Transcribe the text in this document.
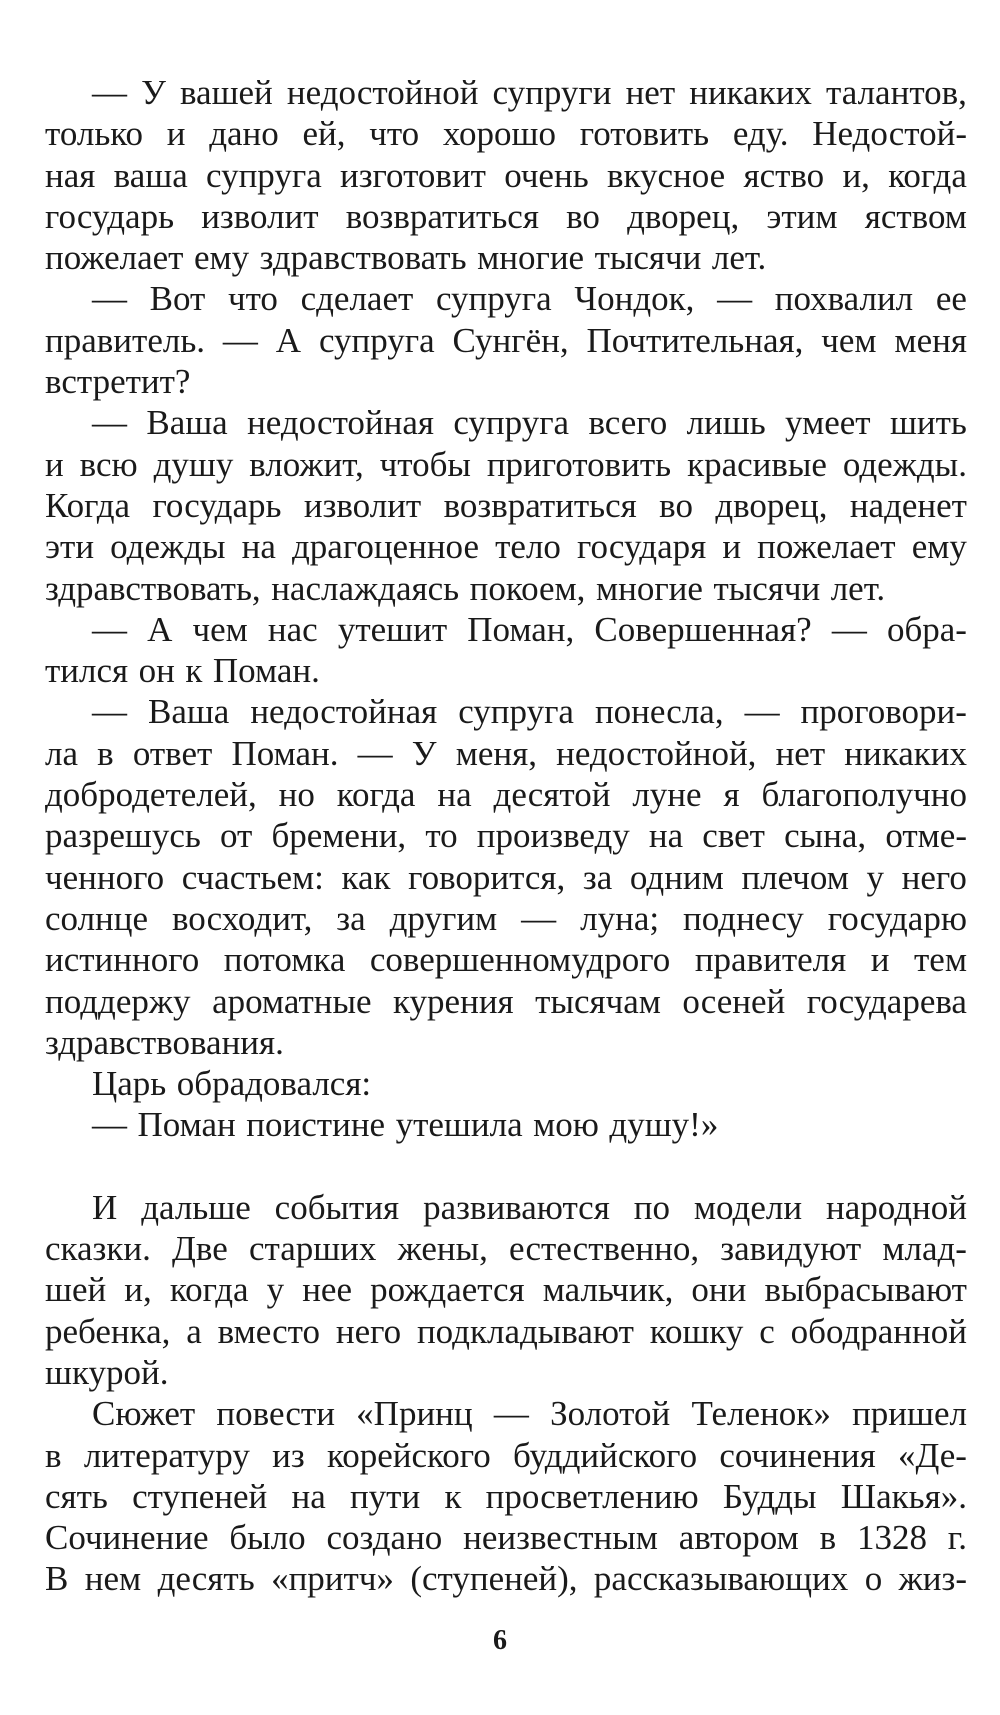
— У вашей недостойной супруги нет никаких талантов,
только и дано ей, что хорошо готовить еду. Недостой-
ная ваша супруга изготовит очень вкусное яство и, когда
государь изволит возвратиться во дворец, этим яством
пожелает ему здравствовать многие тысячи лет.
— Вот что сделает супруга Чондок, — похвалил ее
правитель. — А супруга Сунгён, Почтительная, чем меня
встретит?
— Ваша недостойная супруга всего лишь умеет шить
и всю душу вложит, чтобы приготовить красивые одежды.
Когда государь изволит возвратиться во дворец, наденет
эти одежды на драгоценное тело государя и пожелает ему
здравствовать, наслаждаясь покоем, многие тысячи лет.
— А чем нас утешит Поман, Совершенная? — обра-
тился он к Поман.
— Ваша недостойная супруга понесла, — проговори-
ла в ответ Поман. — У меня, недостойной, нет никаких
добродетелей, но когда на десятой луне я благополучно
разрешусь от бремени, то произведу на свет сына, отме-
ченного счастьем: как говорится, за одним плечом у него
солнце восходит, за другим — луна; поднесу государю
истинного потомка совершенномудрого правителя и тем
поддержу ароматные курения тысячам осеней государева
здравствования.
Царь обрадовался:
— Поман поистине утешила мою душу!»
И дальше события развиваются по модели народной
сказки. Две старших жены, естественно, завидуют млад-
шей и, когда у нее рождается мальчик, они выбрасывают
ребенка, а вместо него подкладывают кошку с ободранной
шкурой.
Сюжет повести «Принц — Золотой Теленок» пришел
в литературу из корейского буддийского сочинения «Де-
сять ступеней на пути к просветлению Будды Шакья».
Сочинение было создано неизвестным автором в 1328 г.
В нем десять «притч» (ступеней), рассказывающих о жиз-
6
